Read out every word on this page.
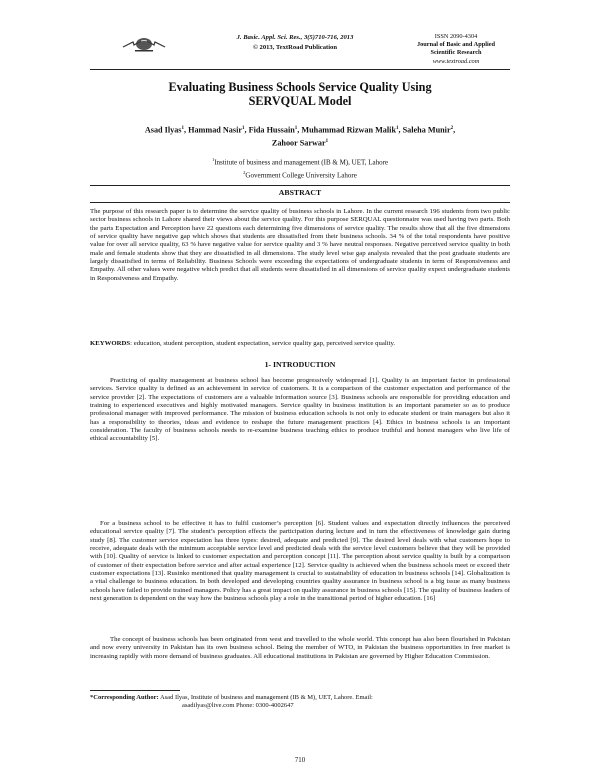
J. Basic. Appl. Sci. Res., 3(5)710-716, 2013
© 2013, TextRoad Publication
ISSN 2090-4304
Journal of Basic and Applied
Scientific Research
www.textroad.com
Evaluating Business Schools Service Quality Using
SERVQUAL Model
Asad Ilyas$^1$, Hammad Nasir$^1$, Fida Hussain$^1$, Muhammad Rizwan Malik$^1$, Saleha Munir$^2$,
Zahoor Sarwar$^1$
$^1$Institute of business and management (IB & M), UET, Lahore
$^2$Government College University Lahore
ABSTRACT

The purpose of this research paper is to determine the service quality of business schools in Lahore. In the current research 196 students from two public sector business schools in Lahore shared their views about the service quality. For this purpose SERQUAL questionnaire was used having two parts. Both the parts Expectation and Perception have 22 questions each determining five dimensions of service quality. The results show that all the five dimensions of service quality have negative gap which shows that students are dissatisfied from their business schools. 34 % of the total respondents have positive value for over all service quality, 63 % have negative value for service quality and 3 % have neutral responses. Negative perceived service quality in both male and female students show that they are dissatisfied in all dimensions. The study level wise gap analysis revealed that the post graduate students are largely dissatisfied in terms of Reliability. Business Schools were exceeding the expectations of undergraduate students in term of Responsiveness and Empathy. All other values were negative which predict that all students were dissatisfied in all dimensions of service quality expect undergraduate students in Responsiveness and Empathy.

KEYWORDS: education, student perception, student expectation, service quality gap, perceived service quality.

1- INTRODUCTION

Practicing of quality management at business school has become progressively widespread [1]. Quality is an important factor in professional services. Service quality is defined as an achievement in service of customers. It is a comparison of the customer expectation and performance of the service provider [2]. The expectations of customers are a valuable information source [3]. Business schools are responsible for providing education and training to experienced executives and highly motivated managers. Service quality in business institution is an important parameter so as to produce professional manager with improved performance. The mission of business education schools is not only to educate student or train managers but also it has a responsibility to theories, ideas and evidence to reshape the future management practices [4]. Ethics in business schools is an important consideration. The faculty of business schools needs to re-examine business teaching ethics to produce truthful and honest managers who live life of ethical accountability [5].

For a business school to be effective it has to fulfil customer’s perception [6]. Student values and expectation directly influences the perceived educational service quality [7]. The student’s perception effects the participation during lecture and in turn the effectiveness of knowledge gain during study [8]. The customer service expectation has three types: desired, adequate and predicted [9]. The desired level deals with what customers hope to receive, adequate deals with the minimum acceptable service level and predicted deals with the service level customers believe that they will be provided with [10]. Quality of service is linked to customer expectation and perception concept [11]. The perception about service quality is built by a comparison of customer of their expectation before service and after actual experience [12]. Service quality is achieved when the business schools meet or exceed their customer expectations [13]. Rusinko mentioned that quality management is crucial to sustainability of education in business schools [14]. Globalization is a vital challenge to business education. In both developed and developing countries quality assurance in business school is a big issue as many business schools have failed to provide trained managers. Policy has a great impact on quality assurance in business schools [15]. The quality of business leaders of next generation is dependent on the way how the business schools play a role in the transitional period of higher education. [16]

The concept of business schools has been originated from west and travelled to the whole world. This concept has also been flourished in Pakistan and now every university in Pakistan has its own business school. Being the member of WTO, in Pakistan the business opportunities in free market is increasing rapidly with more demand of business graduates. All educational institutions in Pakistan are governed by Higher Education Commission.

*Corresponding Author: Asad Ilyas, Institute of business and management (IB & M), UET, Lahore. Email:
asadilyas@live.com Phone: 0300-4002647
710
